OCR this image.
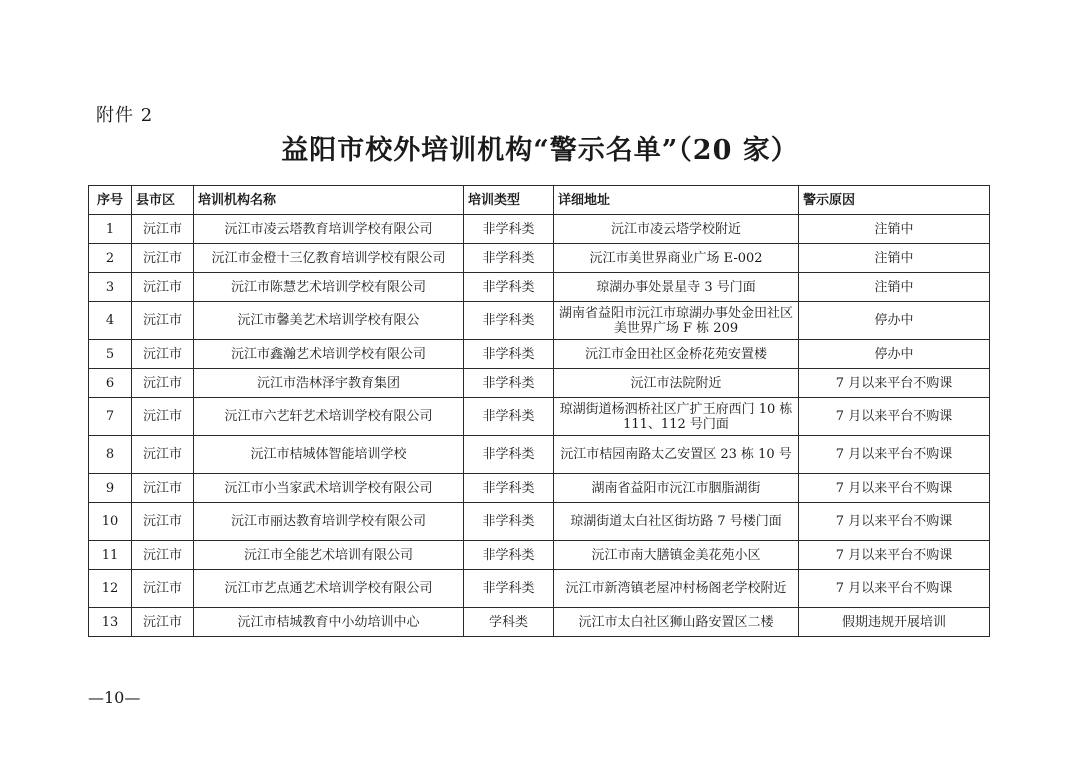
附件 2
益阳市校外培训机构“警示名单”（20 家）
序号	县市区	培训机构名称	培训类型	详细地址	警示原因
1	沅江市	沅江市凌云塔教育培训学校有限公司	非学科类	沅江市凌云塔学校附近	注销中
2	沅江市	沅江市金橙十三亿教育培训学校有限公司	非学科类	沅江市美世界商业广场 E-002	注销中
3	沅江市	沅江市陈慧艺术培训学校有限公司	非学科类	琼湖办事处景星寺 3 号门面	注销中
4	沅江市	沅江市馨美艺术培训学校有限公	非学科类	湖南省益阳市沅江市琼湖办事处金田社区美世界广场 F 栋 209	停办中
5	沅江市	沅江市鑫瀚艺术培训学校有限公司	非学科类	沅江市金田社区金桥花苑安置楼	停办中
6	沅江市	沅江市浩林泽宇教育集团	非学科类	沅江市法院附近	7 月以来平台不购课
7	沅江市	沅江市六艺轩艺术培训学校有限公司	非学科类	琼湖街道杨泗桥社区广扩王府西门 10 栋 111、112 号门面	7 月以来平台不购课
8	沅江市	沅江市桔城体智能培训学校	非学科类	沅江市桔园南路太乙安置区 23 栋 10 号	7 月以来平台不购课
9	沅江市	沅江市小当家武术培训学校有限公司	非学科类	湖南省益阳市沅江市胭脂湖街	7 月以来平台不购课
10	沅江市	沅江市丽达教育培训学校有限公司	非学科类	琼湖街道太白社区街坊路 7 号楼门面	7 月以来平台不购课
11	沅江市	沅江市全能艺术培训有限公司	非学科类	沅江市南大膳镇金美花苑小区	7 月以来平台不购课
12	沅江市	沅江市艺点通艺术培训学校有限公司	非学科类	沅江市新湾镇老屋冲村杨阁老学校附近	7 月以来平台不购课
13	沅江市	沅江市桔城教育中小幼培训中心	学科类	沅江市太白社区狮山路安置区二楼	假期违规开展培训
—10—
